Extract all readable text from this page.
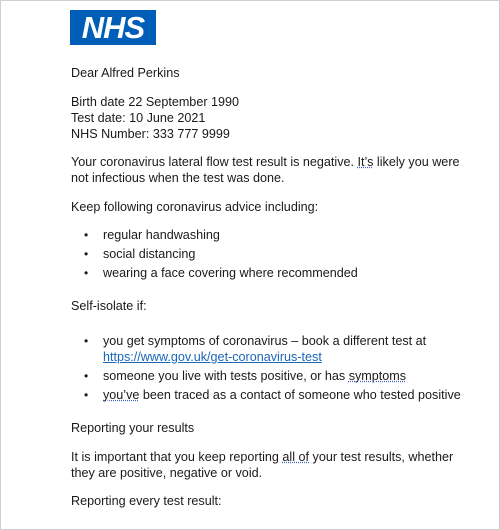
NHS

Dear Alfred Perkins

Birth date 22 September 1990

Test date: 10 June 2021

NHS Number: 333 777 9999

Your coronavirus lateral flow test result is negative. It’s likely you were not infectious when the test was done.

Keep following coronavirus advice including:

• regular handwashing
• social distancing
• wearing a face covering where recommended

Self-isolate if:

• you get symptoms of coronavirus – book a different test at https://www.gov.uk/get-coronavirus-test
• someone you live with tests positive, or has symptoms
• you’ve been traced as a contact of someone who tested positive

Reporting your results

It is important that you keep reporting all of your test results, whether they are positive, negative or void.

Reporting every test result:
